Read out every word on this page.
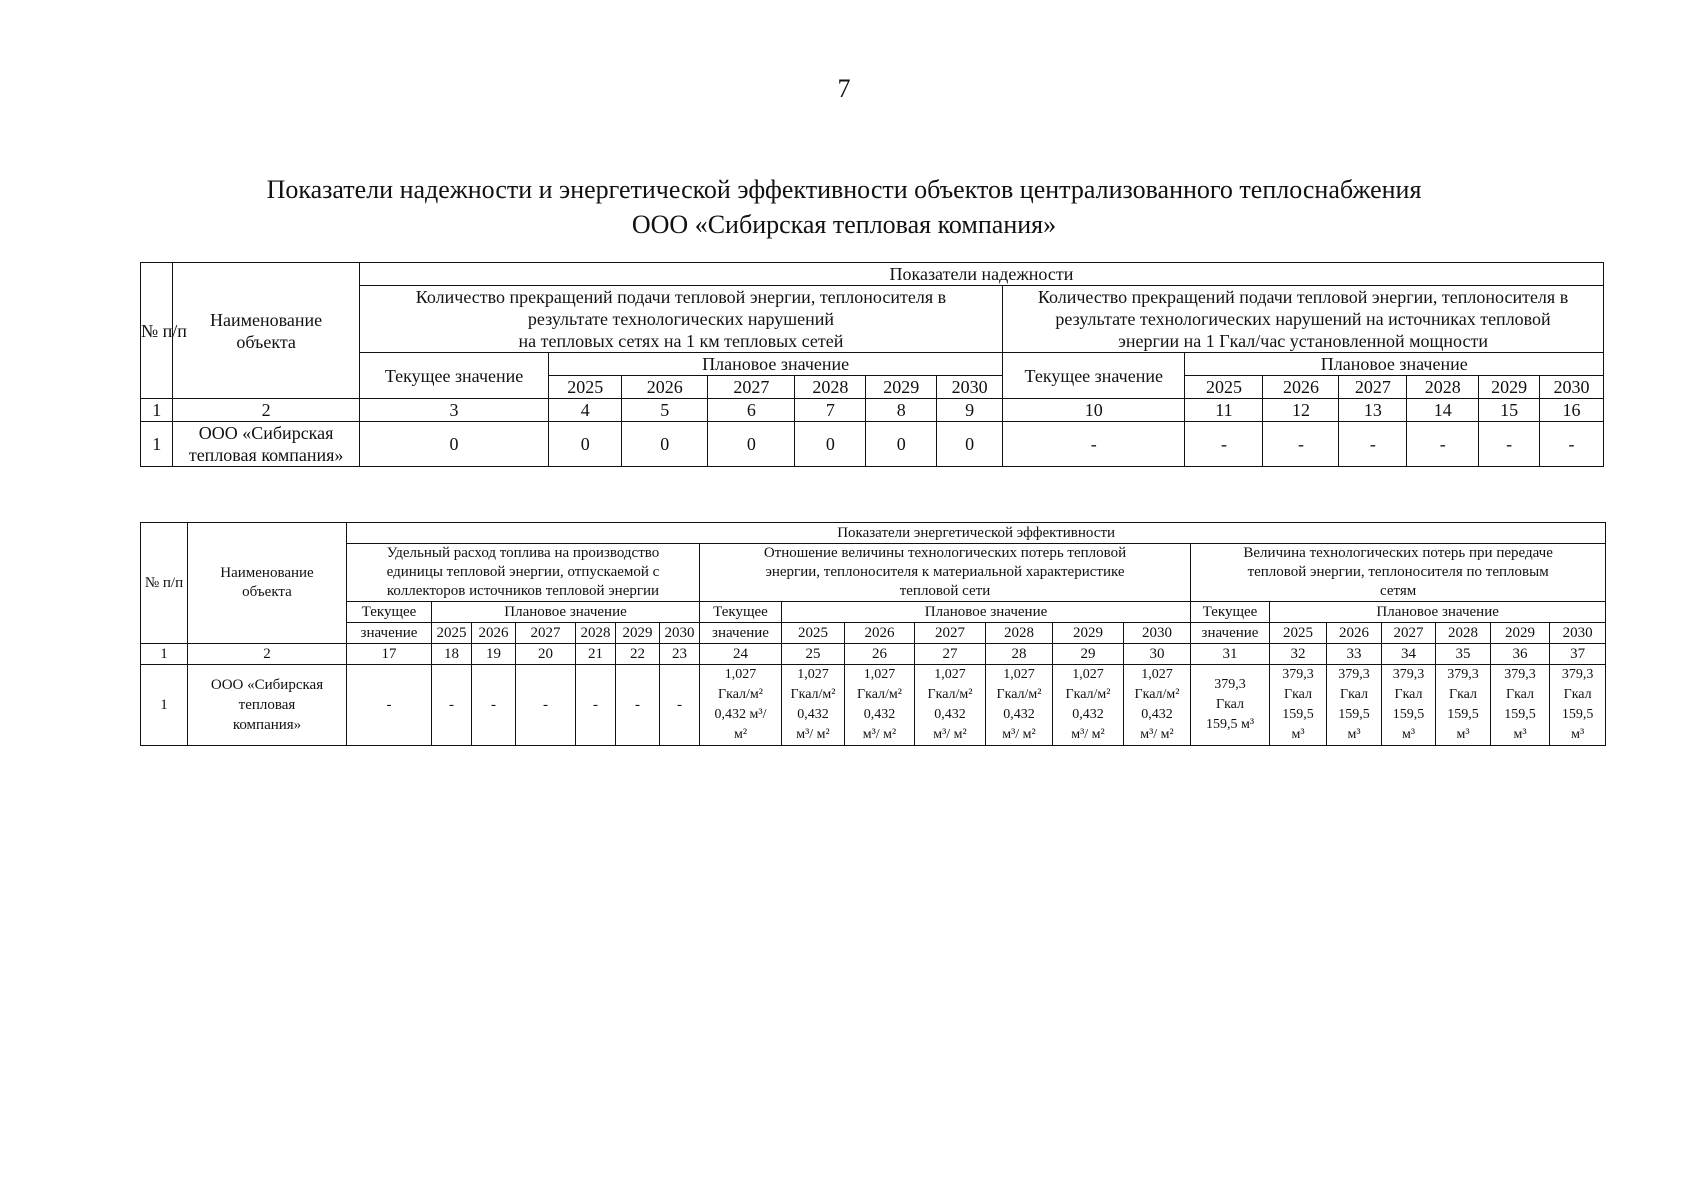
7
Показатели надежности и энергетической эффективности объектов централизованного теплоснабжения
ООО «Сибирская тепловая компания»
№ п/п	Наименование
объекта	Показатели надежности													

		Количество прекращений подачи тепловой энергии, теплоносителя в
результате технологических нарушений
на тепловых сетях на 1 км тепловых сетей							Количество прекращений подачи тепловой энергии, теплоносителя в
результате технологических нарушений на источниках тепловой
энергии на 1 Гкал/час установленной мощности						

		Текущее значение	Плановое значение						Текущее значение	Плановое значение					
			2025	2026	2027	2028	2029	2030		2025	2026	2027	2028	2029	2030
1	2	3	4	5	6	7	8	9	10	11	12	13	14	15	16
1	ООО «Сибирская
тепловая компания»	0	0	0	0	0	0	0	-	-	-	-	-	-	-
№ п/п	Наименование
объекта	Показатели энергетической эффективности																				

		Удельный расход топлива на производство
единицы тепловой энергии, отпускаемой с
коллекторов источников тепловой энергии							Отношение величины технологических потерь тепловой
энергии, теплоносителя к материальной характеристике
тепловой сети							Величина технологических потерь при передаче
тепловой энергии, теплоносителя по тепловым
сетям						

		Текущее	Плановое значение						Текущее	Плановое значение						Текущее	Плановое значение					
		значение	2025	2026	2027	2028	2029	2030	значение	2025	2026	2027	2028	2029	2030	значение	2025	2026	2027	2028	2029	2030
1	2	17	18	19	20	21	22	23	24	25	26	27	28	29	30	31	32	33	34	35	36	37
1	ООО «Сибирская
тепловая
компания»	-	-	-	-	-	-	-	1,027
Гкал/м²
0,432 м³/
м²	1,027
Гкал/м²
0,432
м³/ м²	1,027
Гкал/м²
0,432
м³/ м²	1,027
Гкал/м²
0,432
м³/ м²	1,027
Гкал/м²
0,432
м³/ м²	1,027
Гкал/м²
0,432
м³/ м²	1,027
Гкал/м²
0,432
м³/ м²	379,3
Гкал
159,5 м³	379,3
Гкал
159,5
м³	379,3
Гкал
159,5
м³	379,3
Гкал
159,5
м³	379,3
Гкал
159,5
м³	379,3
Гкал
159,5
м³	379,3
Гкал
159,5
м³
